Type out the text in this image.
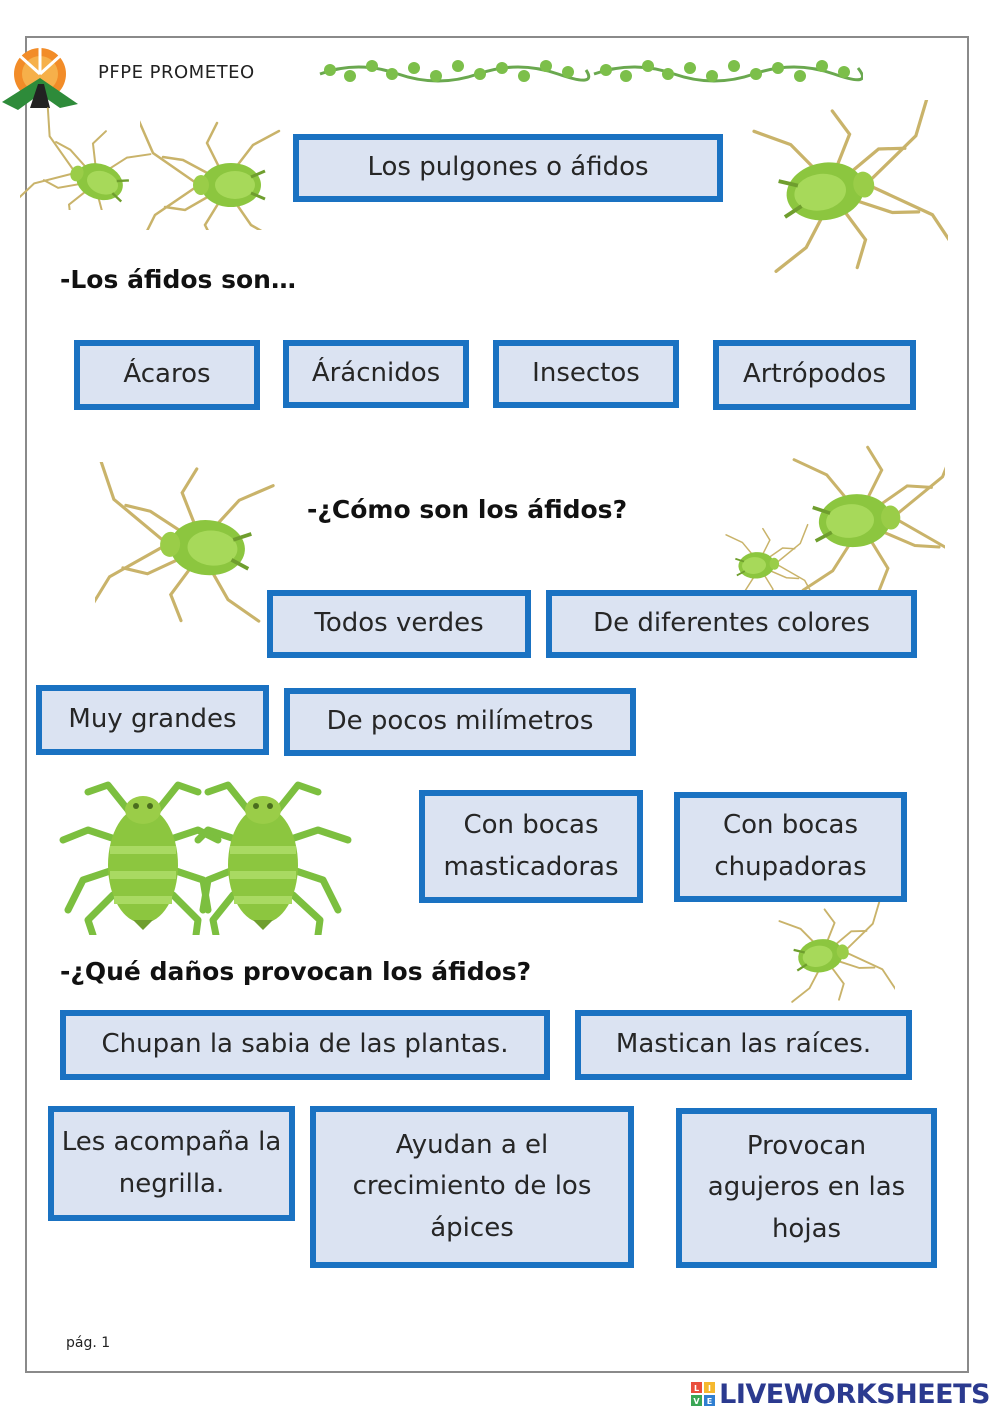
PFPE PROMETEO
Los pulgones o áfidos
-Los áfidos son…
Ácaros	Árácnidos	Insectos	Artrópodos
-¿Cómo son los áfidos?
Todos verdes	De diferentes colores
Muy grandes	De pocos milímetros
Con bocas masticadoras
Con bocas chupadoras
-¿Qué daños provocan los áfidos?
Chupan la sabia de las plantas.	Mastican las raíces.
Les acompaña la negrilla.
Ayudan a el crecimiento de los ápices
Provocan agujeros en las hojas
pág. 1
L I
V E LIVEWORKSHEETS
